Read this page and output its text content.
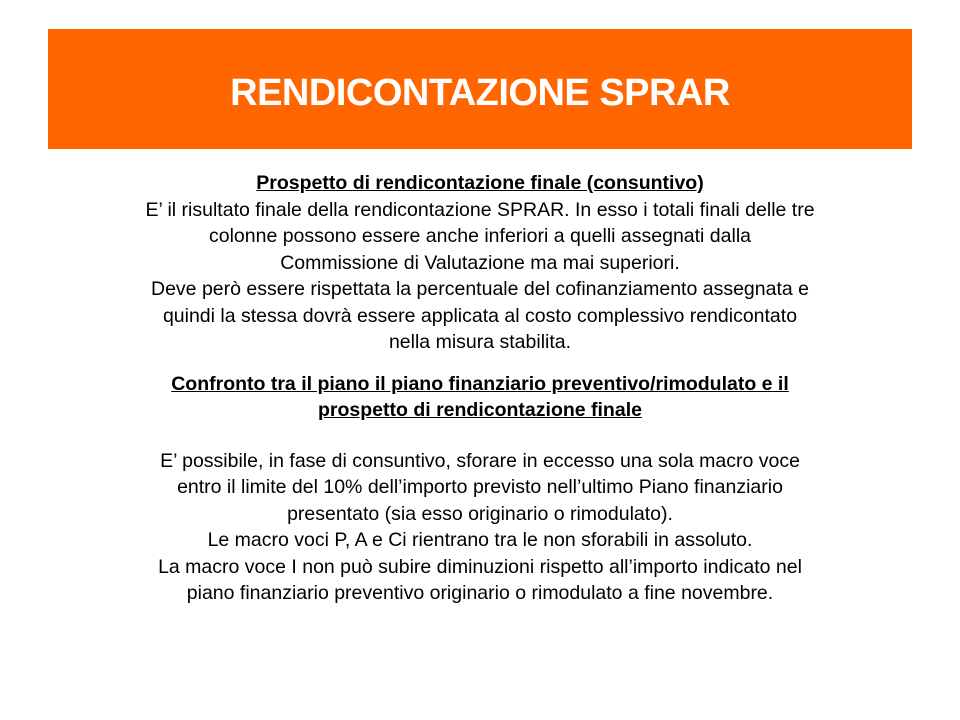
RENDICONTAZIONE SPRAR

Prospetto di rendicontazione finale (consuntivo)

E’ il risultato finale della rendicontazione SPRAR. In esso i totali finali delle tre
colonne possono essere anche inferiori a quelli assegnati dalla
Commissione di Valutazione ma mai superiori.
Deve però essere rispettata la percentuale del cofinanziamento assegnata e
quindi la stessa dovrà essere applicata al costo complessivo rendicontato
nella misura stabilita.
Confronto tra il piano il piano finanziario preventivo/rimodulato e il
prospetto di rendicontazione finale
E’ possibile, in fase di consuntivo, sforare in eccesso una sola macro voce
entro il limite del 10% dell’importo previsto nell’ultimo Piano finanziario
presentato (sia esso originario o rimodulato).
Le macro voci P, A e Ci rientrano tra le non sforabili in assoluto.
La macro voce I non può subire diminuzioni rispetto all’importo indicato nel
piano finanziario preventivo originario o rimodulato a fine novembre.
